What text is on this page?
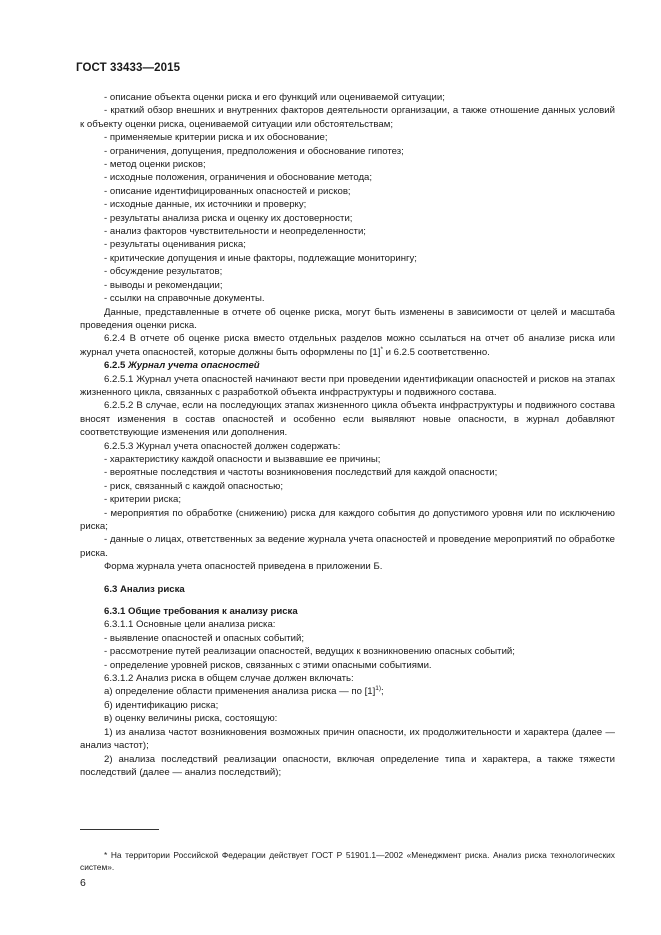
ГОСТ 33433—2015

- описание объекта оценки риска и его функций или оцениваемой ситуации;

- краткий обзор внешних и внутренних факторов деятельности организации, а также отношение данных условий к объекту оценки риска, оцениваемой ситуации или обстоятельствам;

- применяемые критерии риска и их обоснование;

- ограничения, допущения, предположения и обоснование гипотез;

- метод оценки рисков;

- исходные положения, ограничения и обоснование метода;

- описание идентифицированных опасностей и рисков;

- исходные данные, их источники и проверку;

- результаты анализа риска и оценку их достоверности;

- анализ факторов чувствительности и неопределенности;

- результаты оценивания риска;

- критические допущения и иные факторы, подлежащие мониторингу;

- обсуждение результатов;

- выводы и рекомендации;

- ссылки на справочные документы.

Данные, представленные в отчете об оценке риска, могут быть изменены в зависимости от целей и масштаба проведения оценки риска.

6.2.4 В отчете об оценке риска вместо отдельных разделов можно ссылаться на отчет об анализе риска или журнал учета опасностей, которые должны быть оформлены по [1]* и 6.2.5 соответственно.

6.2.5 Журнал учета опасностей

6.2.5.1 Журнал учета опасностей начинают вести при проведении идентификации опасностей и рисков на этапах жизненного цикла, связанных с разработкой объекта инфраструктуры и подвижного состава.

6.2.5.2 В случае, если на последующих этапах жизненного цикла объекта инфраструктуры и подвижного состава вносят изменения в состав опасностей и особенно если выявляют новые опасности, в журнал добавляют соответствующие изменения или дополнения.

6.2.5.3 Журнал учета опасностей должен содержать:

- характеристику каждой опасности и вызвавшие ее причины;

- вероятные последствия и частоты возникновения последствий для каждой опасности;

- риск, связанный с каждой опасностью;

- критерии риска;

- мероприятия по обработке (снижению) риска для каждого события до допустимого уровня или по исключению риска;

- данные о лицах, ответственных за ведение журнала учета опасностей и проведение мероприятий по обработке риска.

Форма журнала учета опасностей приведена в приложении Б.

6.3 Анализ риска

6.3.1 Общие требования к анализу риска

6.3.1.1 Основные цели анализа риска:

- выявление опасностей и опасных событий;

- рассмотрение путей реализации опасностей, ведущих к возникновению опасных событий;

- определение уровней рисков, связанных с этими опасными событиями.

6.3.1.2 Анализ риска в общем случае должен включать:

а) определение области применения анализа риска — по $[1]^{1)}$;

б) идентификацию риска;

в) оценку величины риска, состоящую:

1) из анализа частот возникновения возможных причин опасности, их продолжительности и характера (далее — анализ частот);

2) анализа последствий реализации опасности, включая определение типа и характера, а также тяжести последствий (далее — анализ последствий);

* На территории Российской Федерации действует ГОСТ Р 51901.1—2002 «Менеджмент риска. Анализ риска технологических систем».

6
